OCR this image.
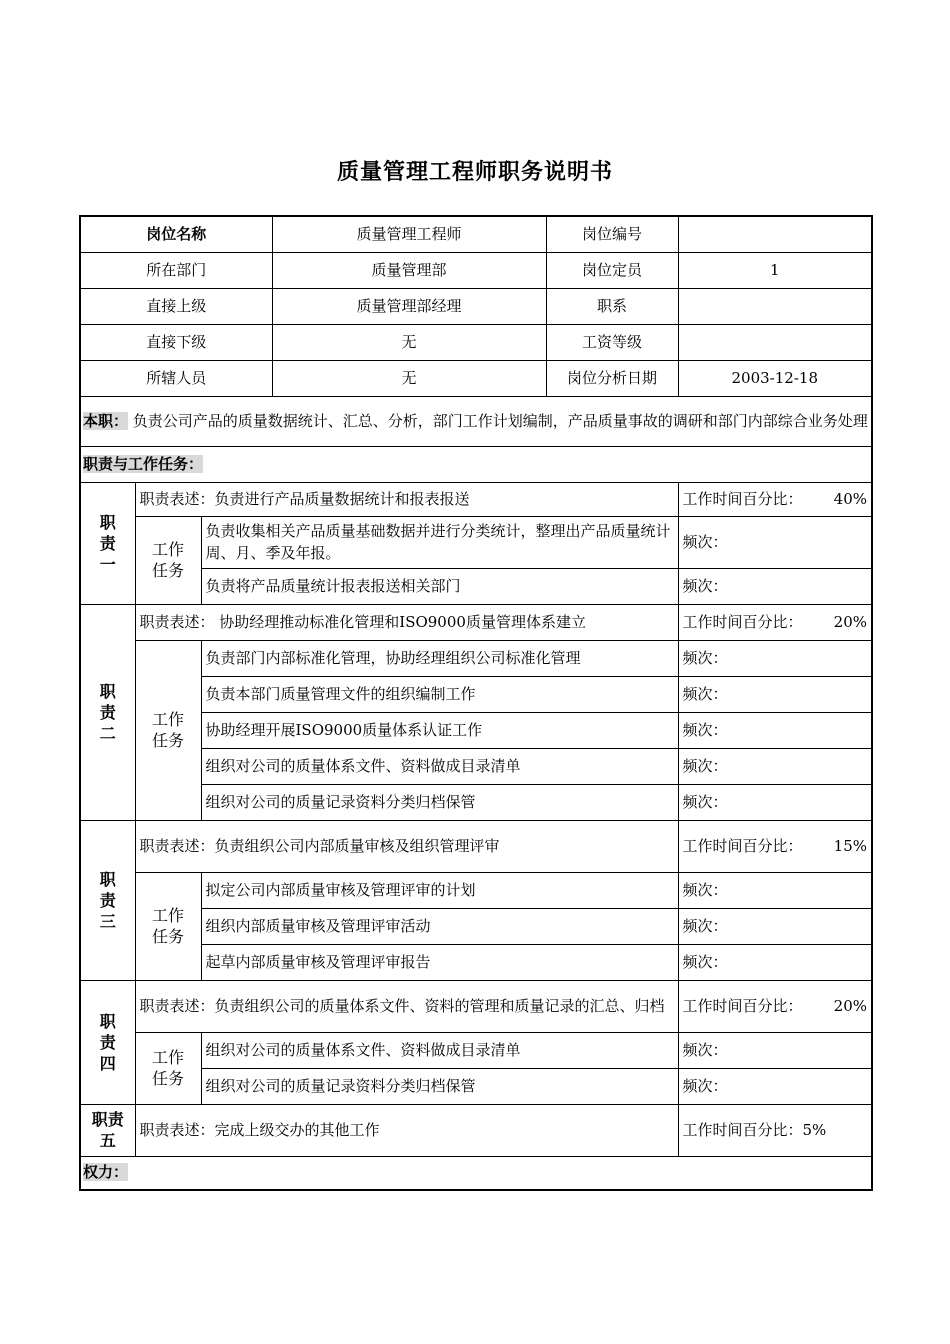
质量管理工程师职务说明书
岗位名称			质量管理工程师	岗位编号	
所在部门			质量管理部	岗位定员	1
直接上级			质量管理部经理	职系	
直接下级			无	工资等级	
所辖人员			无	岗位分析日期	2003-12-18
本职： 负责公司产品的质量数据统计、汇总、分析，部门工作计划编制，产品质量事故的调研和部门内部综合业务处理					
职责与工作任务：					
职责一	职责表述：负责进行产品质量数据统计和报表报送				工作时间百分比： 40%

	工作任务	负责收集相关产品质量基础数据并进行分类统计，整理出产品质量统计周、月、季及年报。			频次：
		负责将产品质量统计报表报送相关部门			频次：
职责二	职责表述： 协助经理推动标准化管理和ISO9000质量管理体系建立				工作时间百分比： 20%

	工作任务	负责部门内部标准化管理，协助经理组织公司标准化管理			频次：
		负责本部门质量管理文件的组织编制工作			频次：
		协助经理开展ISO9000质量体系认证工作			频次：
		组织对公司的质量体系文件、资料做成目录清单			频次：
		组织对公司的质量记录资料分类归档保管			频次：
职责三	职责表述：负责组织公司内部质量审核及组织管理评审				工作时间百分比： 15%

	工作任务	拟定公司内部质量审核及管理评审的计划			频次：
		组织内部质量审核及管理评审活动			频次：
		起草内部质量审核及管理评审报告			频次：
职责四	职责表述：负责组织公司的质量体系文件、资料的管理和质量记录的汇总、归档				工作时间百分比： 20%

	工作任务	组织对公司的质量体系文件、资料做成目录清单			频次：
		组织对公司的质量记录资料分类归档保管			频次：
职责五	职责表述：完成上级交办的其他工作				工作时间百分比：5%
权力：					
